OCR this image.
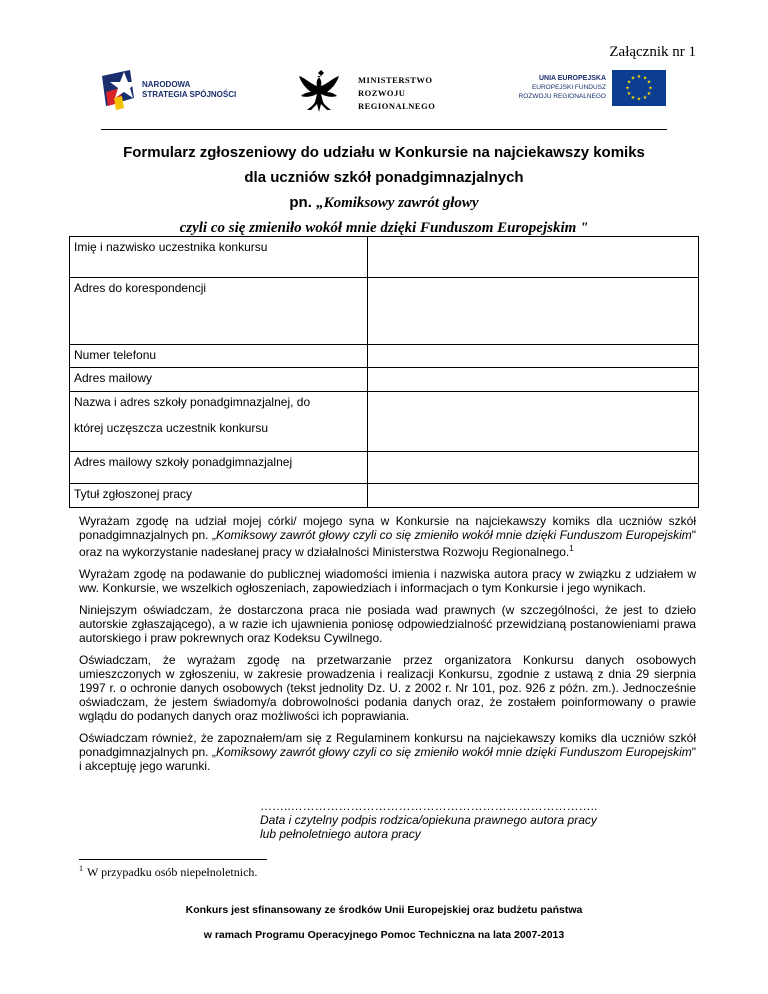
Załącznik nr 1
NARODOWA
STRATEGIA SPÓJNOŚCI
MINISTERSTWO
ROZWOJU
REGIONALNEGO
UNIA EUROPEJSKA
EUROPEJSKI FUNDUSZ
ROZWOJU REGIONALNEGO
★ ★
★
★
★
★
★
★
★
★
★
★
Formularz zgłoszeniowy do udziału w Konkursie na najciekawszy komiks
dla uczniów szkół ponadgimnazjalnych
pn. „Komiksowy zawrót głowy
czyli co się zmieniło wokół mnie dzięki Funduszom Europejskim "
Imię i nazwisko uczestnika konkursu	
Adres do korespondencji	
Numer telefonu	
Adres mailowy	

Nazwa i adres szkoły ponadgimnazjalnej, do

której uczęszcza uczestnik konkursu	

Adres mailowy szkoły ponadgimnazjalnej	
Tytuł zgłoszonej pracy	

Wyrażam zgodę na udział mojej córki/ mojego syna w Konkursie na najciekawszy komiks dla uczniów szkół ponadgimnazjalnych pn. „Komiksowy zawrót głowy czyli co się zmieniło wokół mnie dzięki Funduszom Europejskim" oraz na wykorzystanie nadesłanej pracy w działalności Ministerstwa Rozwoju Regionalnego.$^1$

Wyrażam zgodę na podawanie do publicznej wiadomości imienia i nazwiska autora pracy w związku z udziałem w ww. Konkursie, we wszelkich ogłoszeniach, zapowiedziach i informacjach o tym Konkursie i jego wynikach.

Niniejszym oświadczam, że dostarczona praca nie posiada wad prawnych (w szczególności, że jest to dzieło autorskie zgłaszającego), a w razie ich ujawnienia poniosę odpowiedzialność przewidzianą postanowieniami prawa autorskiego i praw pokrewnych oraz Kodeksu Cywilnego.

Oświadczam, że wyrażam zgodę na przetwarzanie przez organizatora Konkursu danych osobowych umieszczonych w zgłoszeniu, w zakresie prowadzenia i realizacji Konkursu, zgodnie z ustawą z dnia 29 sierpnia 1997 r. o ochronie danych osobowych (tekst jednolity Dz. U. z 2002 r. Nr 101, poz. 926 z późn. zm.). Jednocześnie oświadczam, że jestem świadomy/a dobrowolności podania danych oraz, że zostałem poinformowany o prawie wglądu do podanych danych oraz możliwości ich poprawiania.

Oświadczam również, że zapoznałem/am się z Regulaminem konkursu na najciekawszy komiks dla uczniów szkół ponadgimnazjalnych pn. „Komiksowy zawrót głowy czyli co się zmieniło wokół mnie dzięki Funduszom Europejskim" i akceptuję jego warunki.

……..…………………………………………………………………..
Data i czytelny podpis rodzica/opiekuna prawnego autora pracy
lub pełnoletniego autora pracy
$^1$ W przypadku osób niepełnoletnich.
Konkurs jest sfinansowany ze środków Unii Europejskiej oraz budżetu państwa
w ramach Programu Operacyjnego Pomoc Techniczna na lata 2007-2013
